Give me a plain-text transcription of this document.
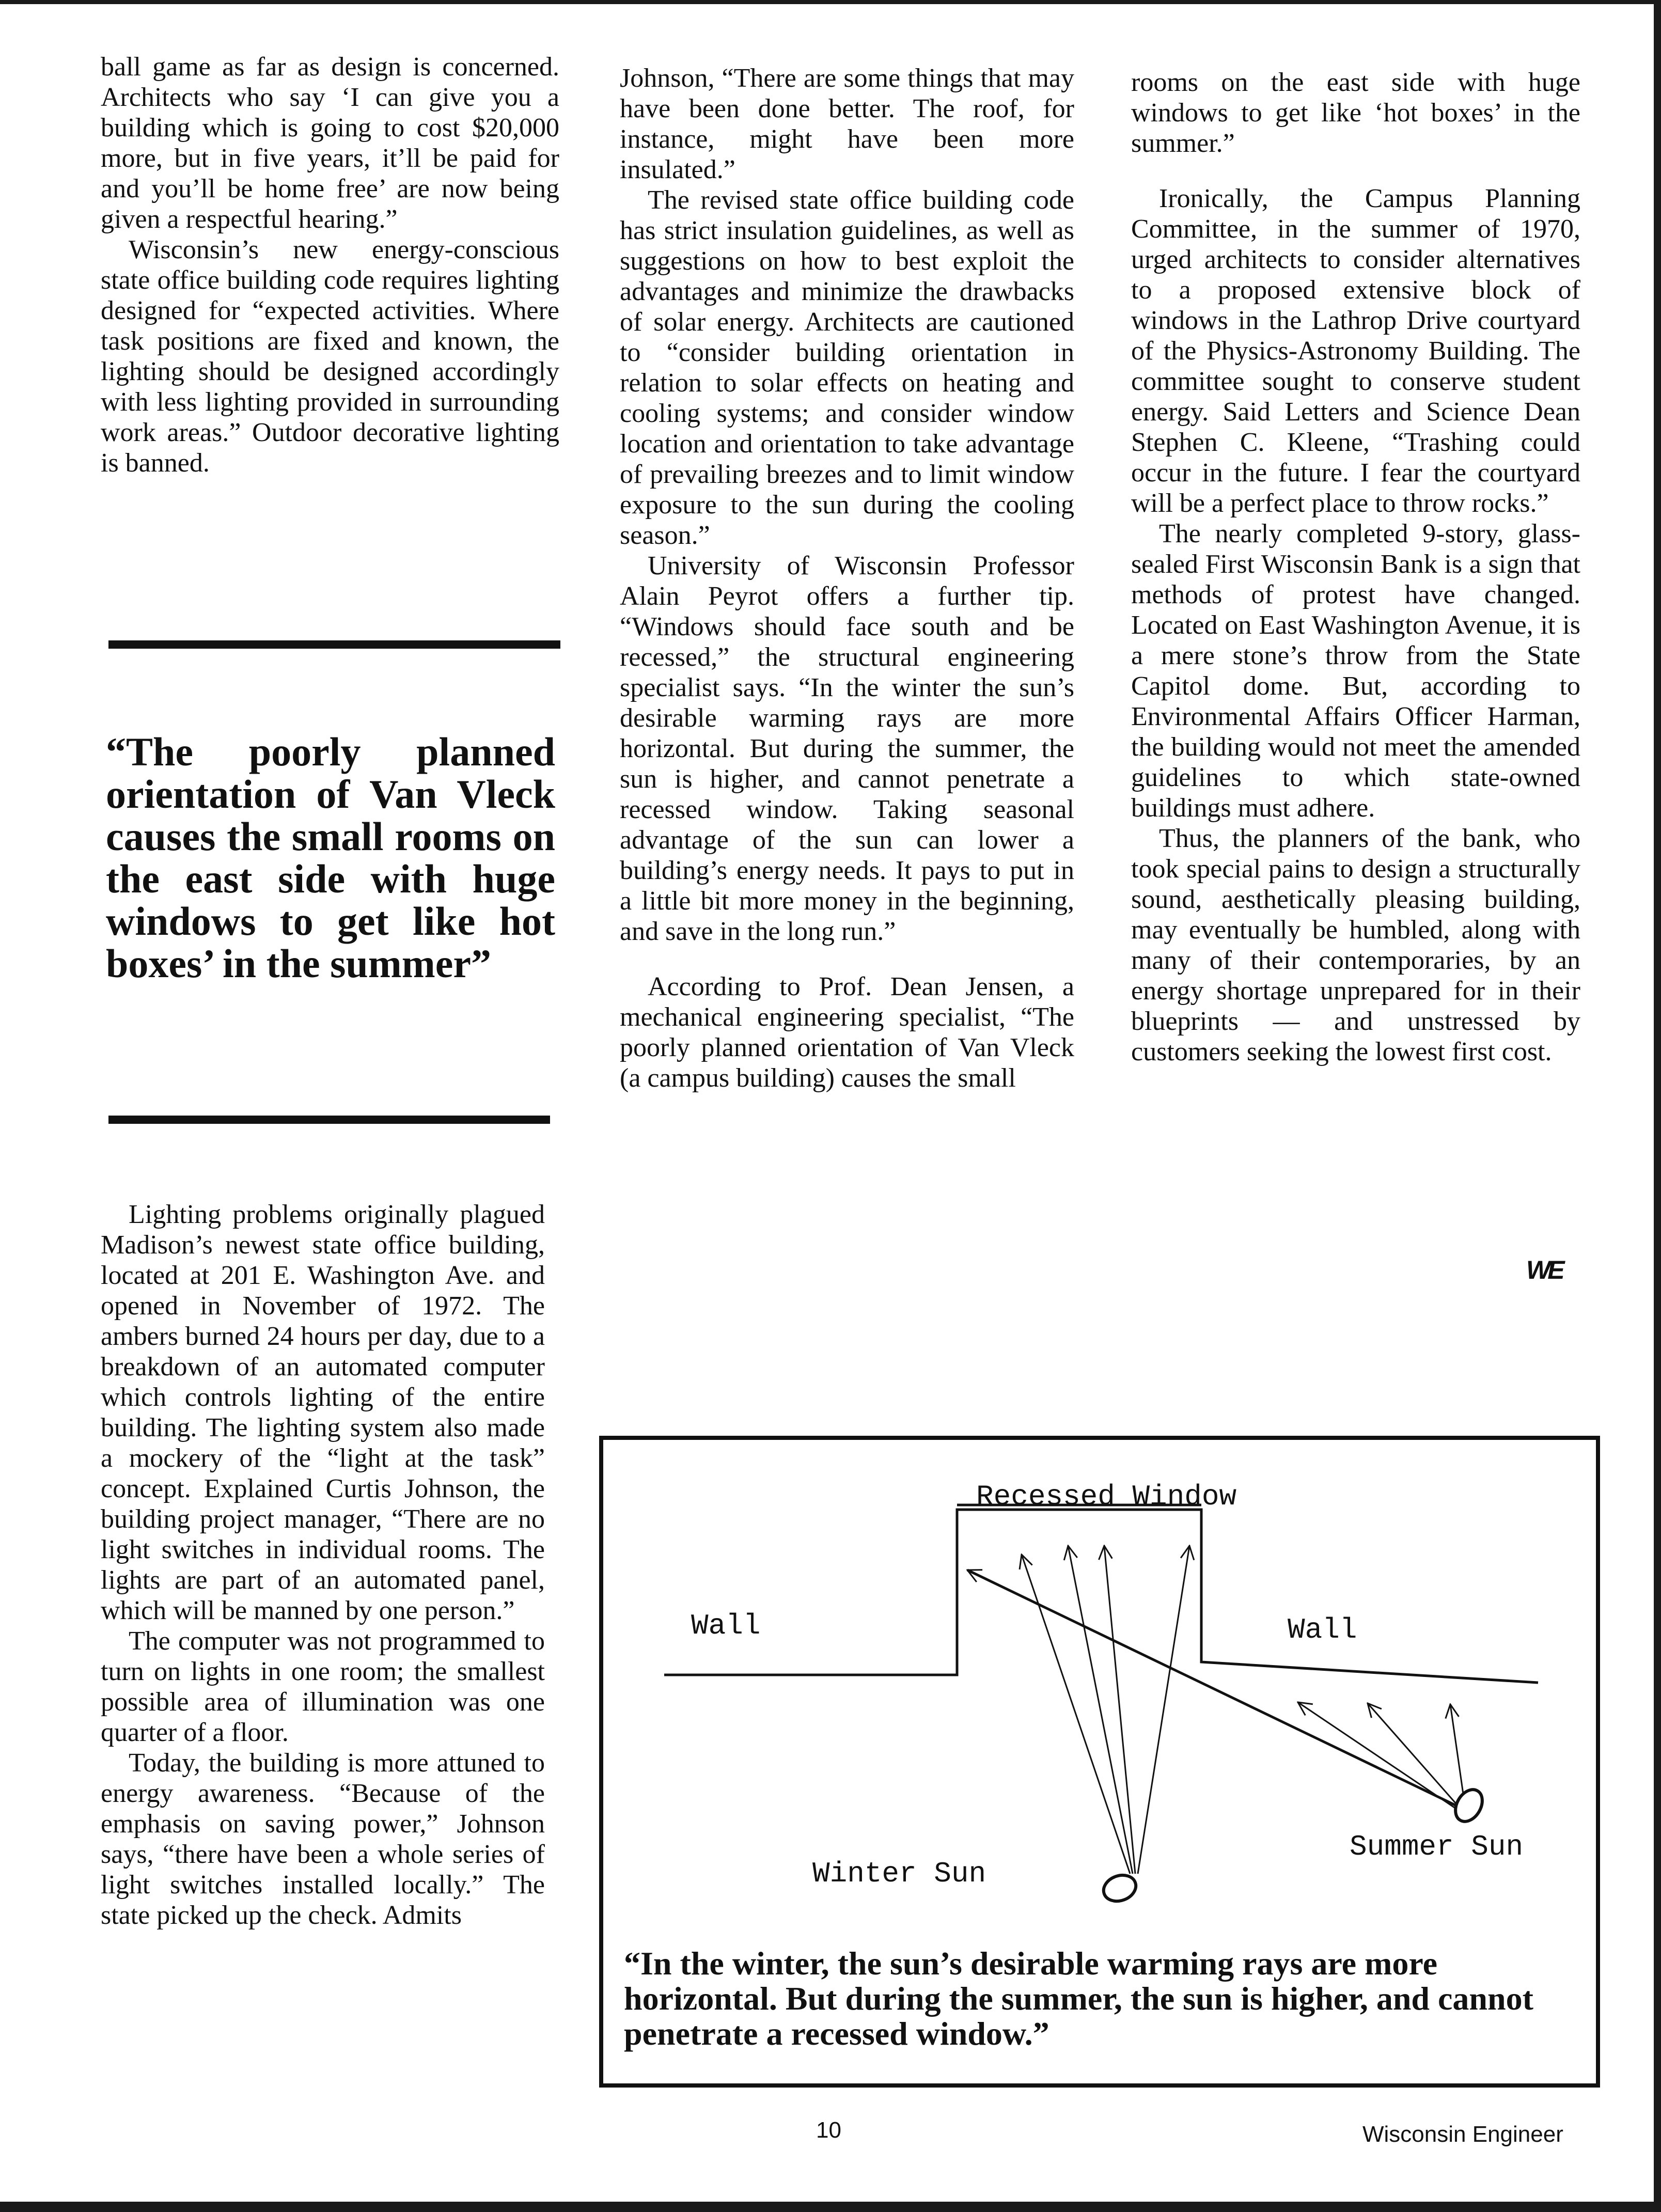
ball game as far as design is concerned. Architects who say ‘I can give you a building which is going to cost $20,000 more, but in five years, it’ll be paid for and you’ll be home free’ are now being given a respectful hearing.”

Wisconsin’s new energy-conscious state office building code requires lighting designed for “expected activities. Where task positions are fixed and known, the lighting should be designed accordingly with less lighting provided in surrounding work areas.” Outdoor decorative lighting is banned.

“The poorly planned orientation of Van Vleck causes the small rooms on the east side with huge windows to get like hot boxes’ in the summer”

Lighting problems originally plagued Madison’s newest state office building, located at 201 E. Washington Ave. and opened in November of 1972. The ambers burned 24 hours per day, due to a breakdown of an automated computer which controls lighting of the entire building. The lighting system also made a mockery of the “light at the task” concept. Explained Curtis Johnson, the building project manager, “There are no light switches in individual rooms. The lights are part of an automated panel, which will be manned by one person.”

The computer was not programmed to turn on lights in one room; the smallest possible area of illumination was one quarter of a floor.

Today, the building is more attuned to energy awareness. “Because of the emphasis on saving power,” Johnson says, “there have been a whole series of light switches installed locally.” The state picked up the check. Admits

Johnson, “There are some things that may have been done better. The roof, for instance, might have been more insulated.”

The revised state office building code has strict insulation guidelines, as well as suggestions on how to best exploit the advantages and minimize the drawbacks of solar energy. Architects are cautioned to “consider building orientation in relation to solar effects on heating and cooling systems; and consider window location and orientation to take advantage of prevailing breezes and to limit window exposure to the sun during the cooling season.”

University of Wisconsin Professor Alain Peyrot offers a further tip. “Windows should face south and be recessed,” the structural engineering specialist says. “In the winter the sun’s desirable warming rays are more horizontal. But during the summer, the sun is higher, and cannot penetrate a recessed window. Taking seasonal advantage of the sun can lower a building’s energy needs. It pays to put in a little bit more money in the beginning, and save in the long run.”

According to Prof. Dean Jensen, a mechanical engineering specialist, “The poorly planned orientation of Van Vleck (a campus building) causes the small

rooms on the east side with huge windows to get like ‘hot boxes’ in the summer.”

Ironically, the Campus Planning Committee, in the summer of 1970, urged architects to consider alternatives to a proposed extensive block of windows in the Lathrop Drive courtyard of the Physics-Astronomy Building. The committee sought to conserve student energy. Said Letters and Science Dean Stephen C. Kleene, “Trashing could occur in the future. I fear the courtyard will be a perfect place to throw rocks.”

The nearly completed 9-story, glass-sealed First Wisconsin Bank is a sign that methods of protest have changed. Located on East Washington Avenue, it is a mere stone’s throw from the State Capitol dome. But, according to Environmental Affairs Officer Harman, the building would not meet the amended guidelines to which state-owned buildings must adhere.

Thus, the planners of the bank, who took special pains to design a structurally sound, aesthetically pleasing building, may eventually be humbled, along with many of their contemporaries, by an energy shortage unprepared for in their blueprints — and unstressed by customers seeking the lowest first cost.

WE
Recessed Window
Wall	Wall
Winter Sun
Summer Sun

“In the winter, the sun’s desirable warming rays are more horizontal. But during the summer, the sun is higher, and cannot penetrate a recessed window.”

10	Wisconsin Engineer
